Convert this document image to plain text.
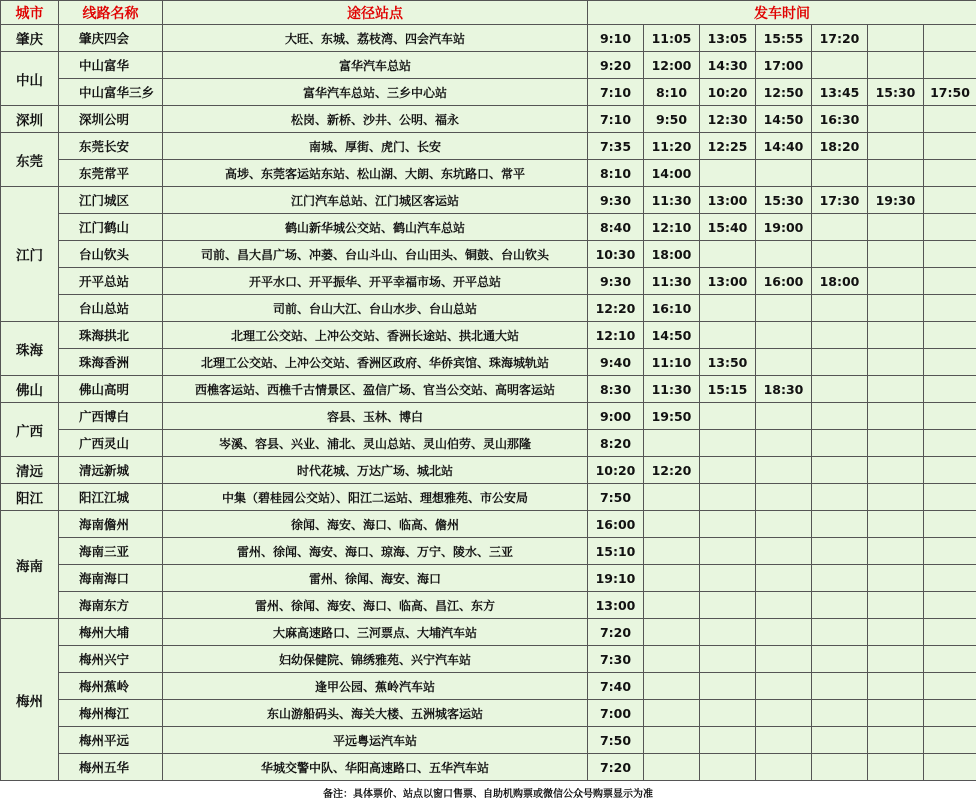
城市	线路名称	途径站点	发车时间						
肇庆	肇庆四会	大旺、东城、荔枝湾、四会汽车站	9:10	11:05	13:05	15:55	17:20		
中山	中山富华	富华汽车总站	9:20	12:00	14:30	17:00			
	中山富华三乡	富华汽车总站、三乡中心站	7:10	8:10	10:20	12:50	13:45	15:30	17:50
深圳	深圳公明	松岗、新桥、沙井、公明、福永	7:10	9:50	12:30	14:50	16:30		
东莞	东莞长安	南城、厚街、虎门、长安	7:35	11:20	12:25	14:40	18:20		
	东莞常平	高埗、东莞客运站东站、松山湖、大朗、东坑路口、常平	8:10	14:00					
江门	江门城区	江门汽车总站、江门城区客运站	9:30	11:30	13:00	15:30	17:30	19:30	
	江门鹤山	鹤山新华城公交站、鹤山汽车总站	8:40	12:10	15:40	19:00			
	台山钦头	司前、昌大昌广场、冲蒌、台山斗山、台山田头、铜鼓、台山钦头	10:30	18:00					
	开平总站	开平水口、开平振华、开平幸福市场、开平总站	9:30	11:30	13:00	16:00	18:00		
	台山总站	司前、台山大江、台山水步、台山总站	12:20	16:10					
珠海	珠海拱北	北理工公交站、上冲公交站、香洲长途站、拱北通大站	12:10	14:50					
	珠海香洲	北理工公交站、上冲公交站、香洲区政府、华侨宾馆、珠海城轨站	9:40	11:10	13:50				
佛山	佛山高明	西樵客运站、西樵千古情景区、盈信广场、官当公交站、高明客运站	8:30	11:30	15:15	18:30			
广西	广西博白	容县、玉林、博白	9:00	19:50					
	广西灵山	岑溪、容县、兴业、浦北、灵山总站、灵山伯劳、灵山那隆	8:20						
清远	清远新城	时代花城、万达广场、城北站	10:20	12:20					
阳江	阳江江城	中集（碧桂园公交站）、阳江二运站、理想雅苑、市公安局	7:50						
海南	海南儋州	徐闻、海安、海口、临高、儋州	16:00						
	海南三亚	雷州、徐闻、海安、海口、琼海、万宁、陵水、三亚	15:10						
	海南海口	雷州、徐闻、海安、海口	19:10						
	海南东方	雷州、徐闻、海安、海口、临高、昌江、东方	13:00						
梅州	梅州大埔	大麻高速路口、三河票点、大埔汽车站	7:20						
	梅州兴宁	妇幼保健院、锦绣雅苑、兴宁汽车站	7:30						
	梅州蕉岭	逢甲公园、蕉岭汽车站	7:40						
	梅州梅江	东山游船码头、海关大楼、五洲城客运站	7:00						
	梅州平远	平远粤运汽车站	7:50						
	梅州五华	华城交警中队、华阳高速路口、五华汽车站	7:20						
备注：具体票价、站点以窗口售票、自助机购票或微信公众号购票显示为准
